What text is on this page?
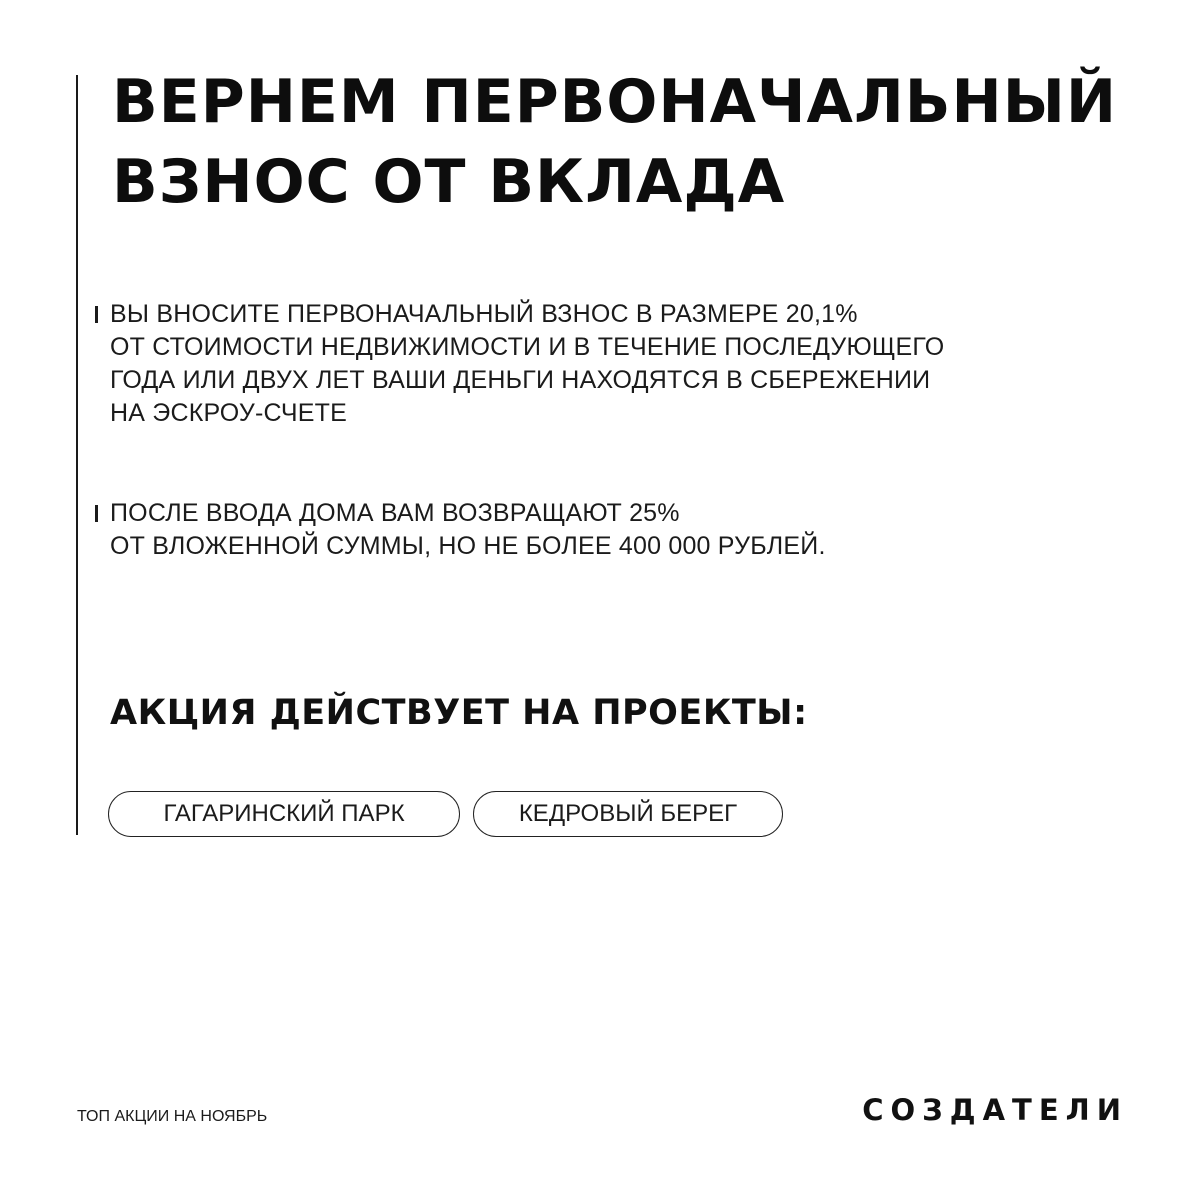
ВЕРНЕМ ПЕРВОНАЧАЛЬНЫЙ
ВЗНОС ОТ ВКЛАДА
ВЫ ВНОСИТЕ ПЕРВОНАЧАЛЬНЫЙ ВЗНОС В РАЗМЕРЕ 20,1%
ОТ СТОИМОСТИ НЕДВИЖИМОСТИ И В ТЕЧЕНИЕ ПОСЛЕДУЮЩЕГО
ГОДА ИЛИ ДВУХ ЛЕТ ВАШИ ДЕНЬГИ НАХОДЯТСЯ В СБЕРЕЖЕНИИ
НА ЭСКРОУ-СЧЕТЕ
ПОСЛЕ ВВОДА ДОМА ВАМ ВОЗВРАЩАЮТ 25%
ОТ ВЛОЖЕННОЙ СУММЫ, НО НЕ БОЛЕЕ 400 000 РУБЛЕЙ.
АКЦИЯ ДЕЙСТВУЕТ НА ПРОЕКТЫ:
ГАГАРИНСКИЙ ПАРК	КЕДРОВЫЙ БЕРЕГ
ТОП АКЦИИ НА НОЯБРЬ	СОЗДАТЕЛИ
